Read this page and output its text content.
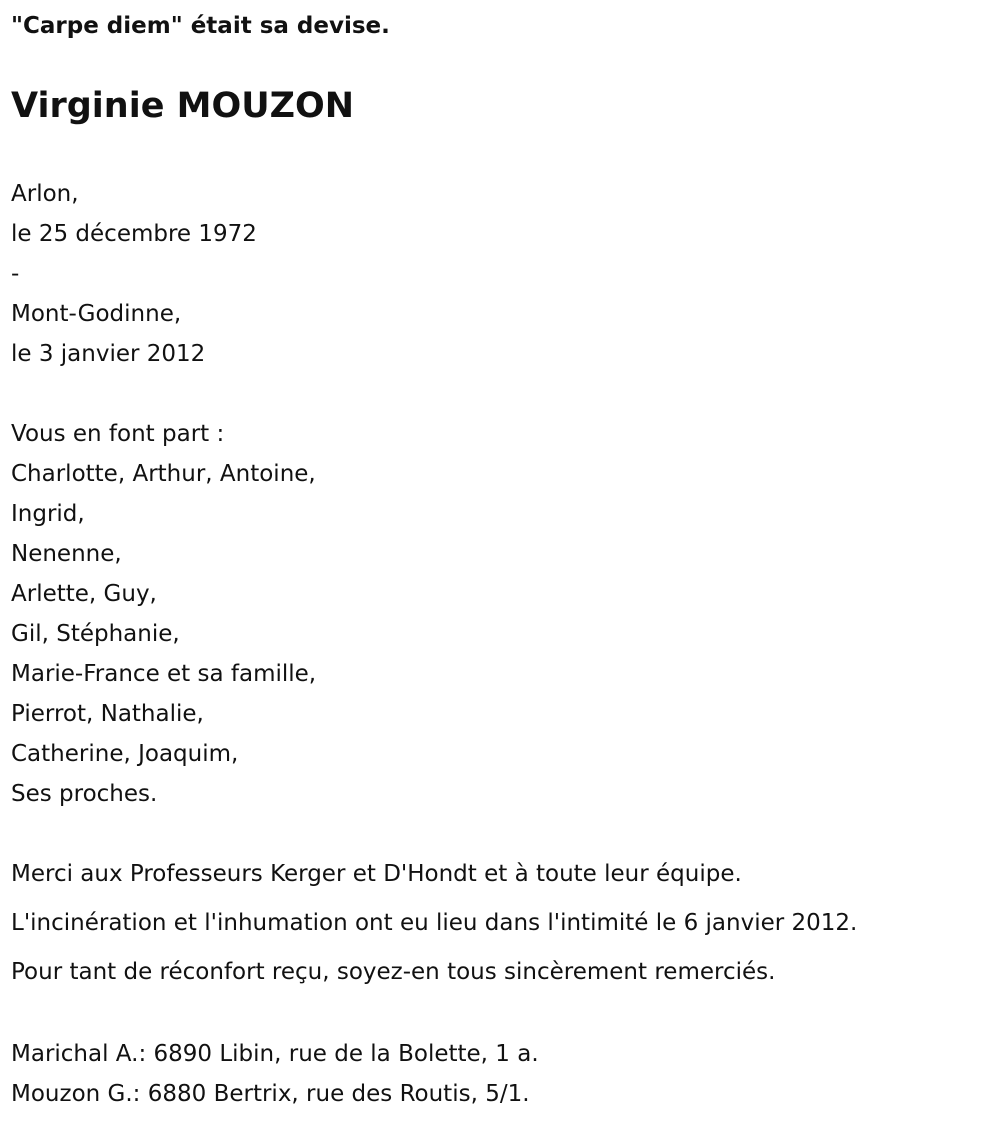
"Carpe diem" était sa devise.
Virginie MOUZON
Arlon,
le 25 décembre 1972
-
Mont-Godinne,
le 3 janvier 2012
Vous en font part :
Charlotte, Arthur, Antoine,
Ingrid,
Nenenne,
Arlette, Guy,
Gil, Stéphanie,
Marie-France et sa famille,
Pierrot, Nathalie,
Catherine, Joaquim,
Ses proches.
Merci aux Professeurs Kerger et D'Hondt et à toute leur équipe.
L'incinération et l'inhumation ont eu lieu dans l'intimité le 6 janvier 2012.
Pour tant de réconfort reçu, soyez-en tous sincèrement remerciés.
Marichal A.: 6890 Libin, rue de la Bolette, 1 a.
Mouzon G.: 6880 Bertrix, rue des Routis, 5/1.
